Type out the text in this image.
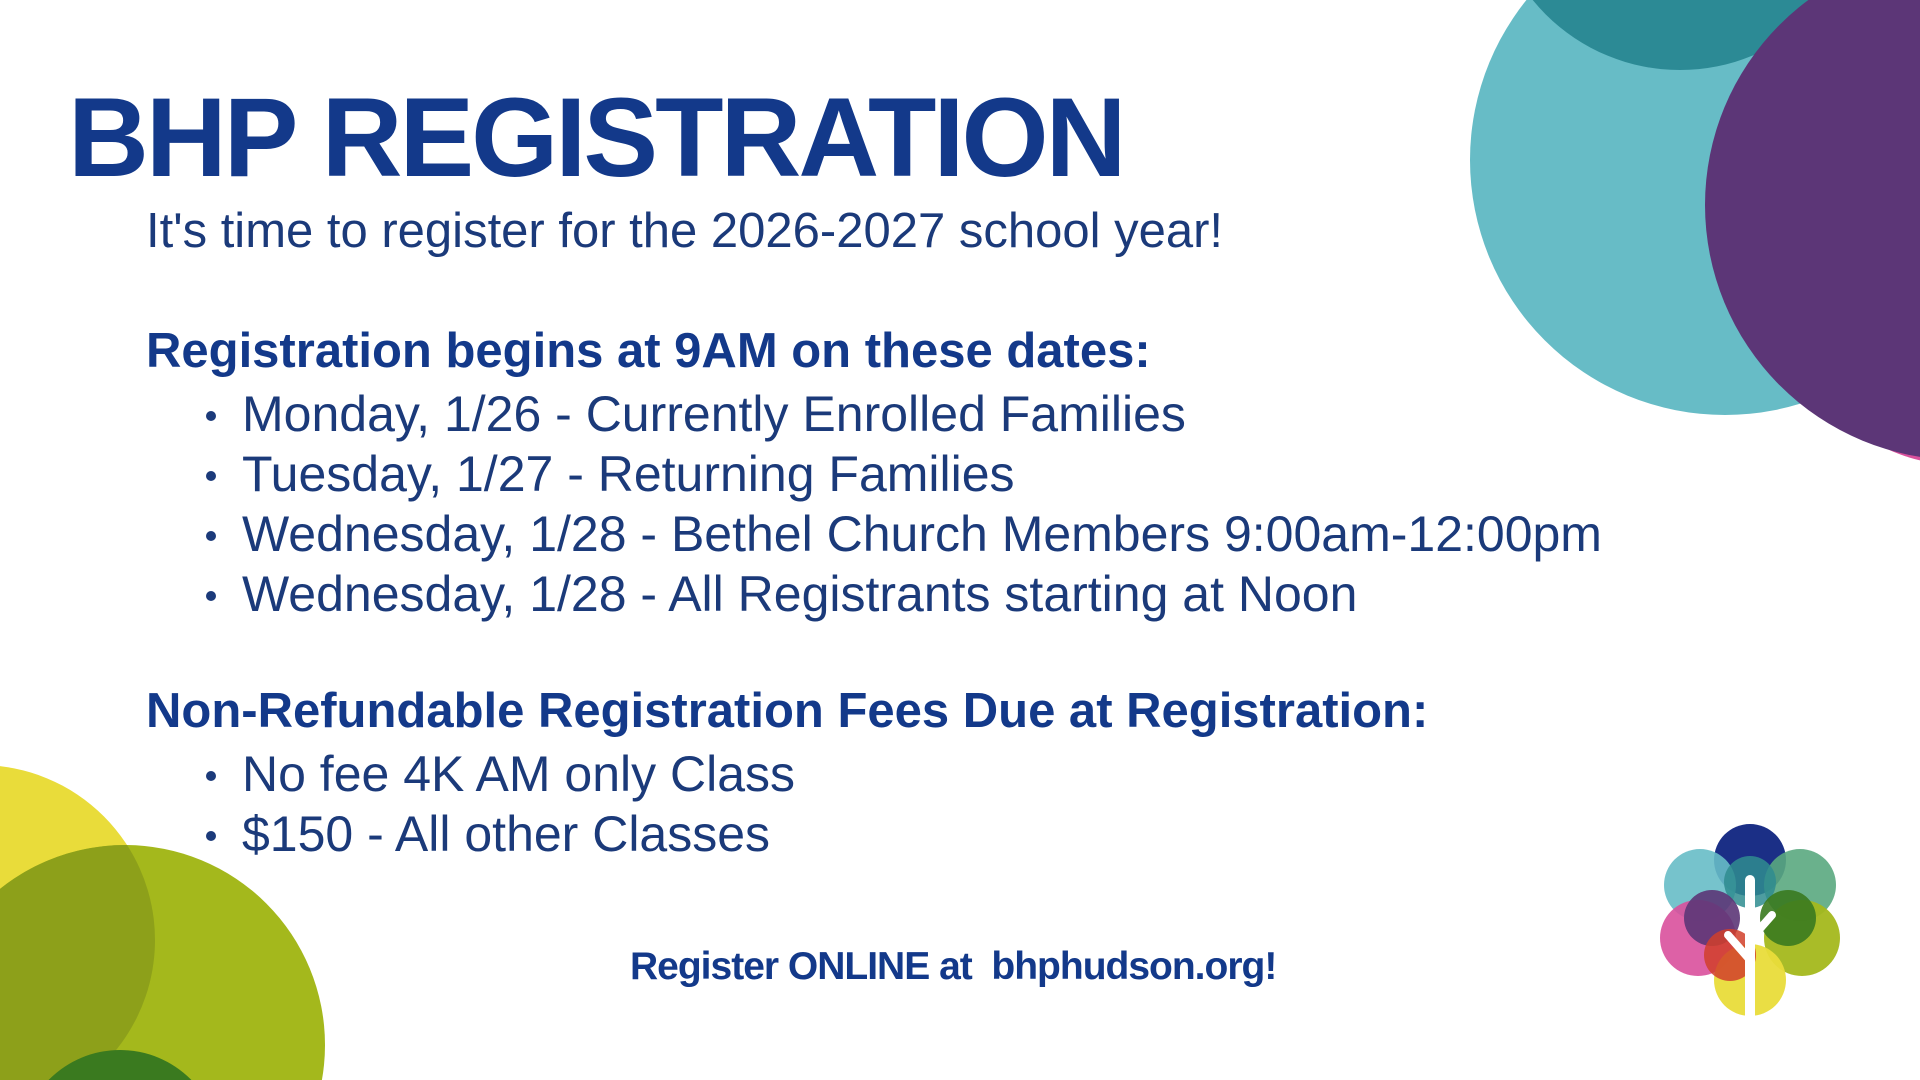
BHP REGISTRATION

It's time to register for the 2026-2027 school year!

Registration begins at 9AM on these dates:
Monday, 1/26 - Currently Enrolled Families
Tuesday, 1/27 - Returning Families
Wednesday, 1/28 - Bethel Church Members 9:00am-12:00pm
Wednesday, 1/28 - All Registrants starting at Noon
Non-Refundable Registration Fees Due at Registration:
No fee 4K AM only Class
$150 - All other Classes

Register ONLINE at  bhphudson.org!
